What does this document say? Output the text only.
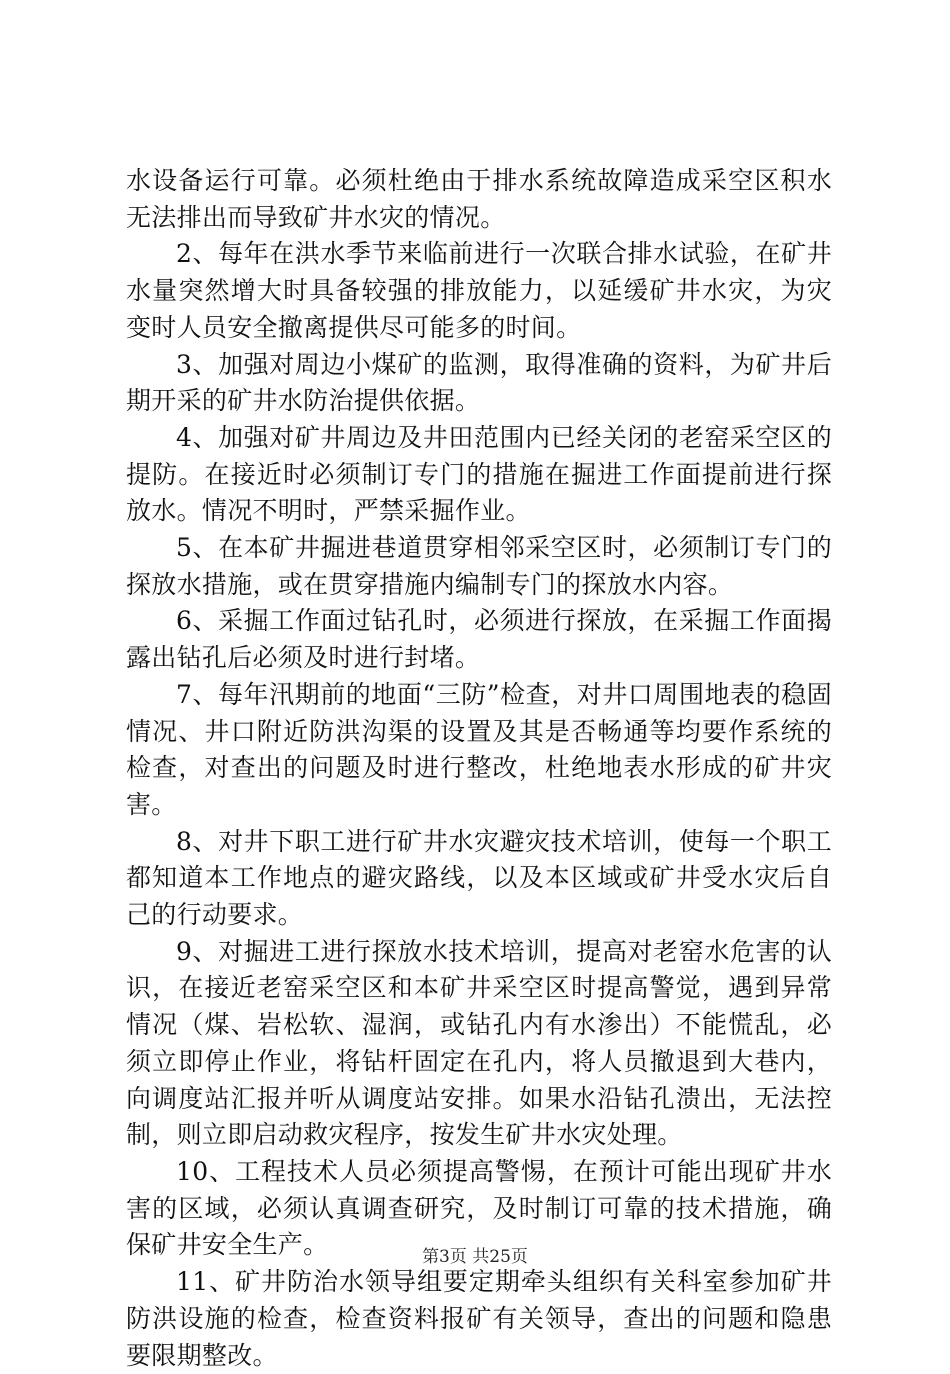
水设备运行可靠。必须杜绝由于排水系统故障造成采空区积水无法排出而导致矿井水灾的情况。

2、每年在洪水季节来临前进行一次联合排水试验，在矿井水量突然增大时具备较强的排放能力，以延缓矿井水灾，为灾变时人员安全撤离提供尽可能多的时间。

3、加强对周边小煤矿的监测，取得准确的资料，为矿井后期开采的矿井水防治提供依据。

4、加强对矿井周边及井田范围内已经关闭的老窑采空区的提防。在接近时必须制订专门的措施在掘进工作面提前进行探放水。情况不明时，严禁采掘作业。

5、在本矿井掘进巷道贯穿相邻采空区时，必须制订专门的探放水措施，或在贯穿措施内编制专门的探放水内容。

6、采掘工作面过钻孔时，必须进行探放，在采掘工作面揭露出钻孔后必须及时进行封堵。

7、每年汛期前的地面“三防”检查，对井口周围地表的稳固情况、井口附近防洪沟渠的设置及其是否畅通等均要作系统的检查，对查出的问题及时进行整改，杜绝地表水形成的矿井灾害。

8、对井下职工进行矿井水灾避灾技术培训，使每一个职工都知道本工作地点的避灾路线，以及本区域或矿井受水灾后自己的行动要求。

9、对掘进工进行探放水技术培训，提高对老窑水危害的认识，在接近老窑采空区和本矿井采空区时提高警觉，遇到异常情况（煤、岩松软、湿润，或钻孔内有水渗出）不能慌乱，必须立即停止作业，将钻杆固定在孔内，将人员撤退到大巷内，向调度站汇报并听从调度站安排。如果水沿钻孔溃出，无法控制，则立即启动救灾程序，按发生矿井水灾处理。

10、工程技术人员必须提高警惕，在预计可能出现矿井水害的区域，必须认真调查研究，及时制订可靠的技术措施，确保矿井安全生产。

11、矿井防治水领导组要定期牵头组织有关科室参加矿井防洪设施的检查，检查资料报矿有关领导，查出的问题和隐患要限期整改。

第3页 共25页
